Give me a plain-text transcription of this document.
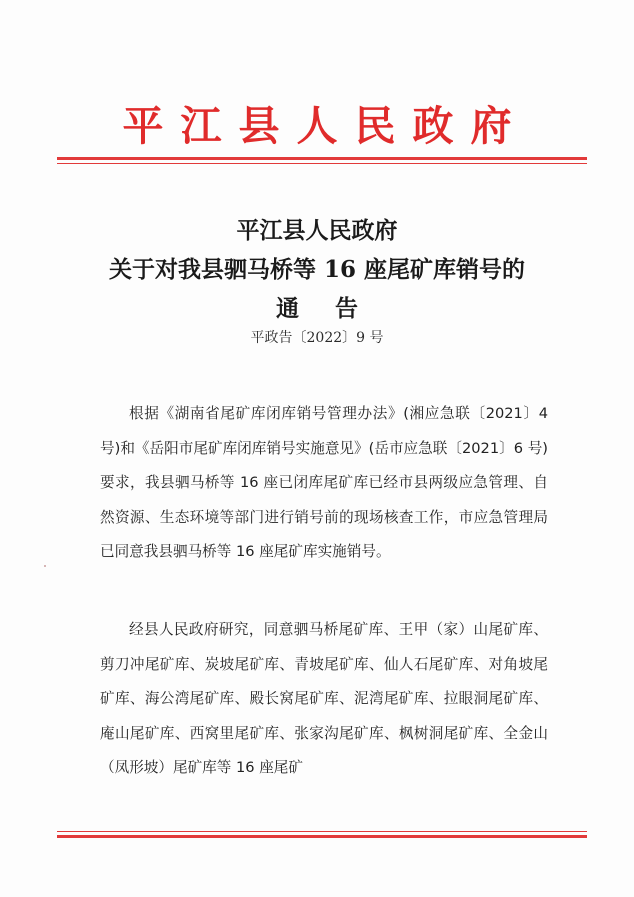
平江县人民政府
平江县人民政府
关于对我县驷马桥等 16 座尾矿库销号的
通告
平政告〔2022〕9 号
根据《湖南省尾矿库闭库销号管理办法》(湘应急联〔2021〕4 号)和《岳阳市尾矿库闭库销号实施意见》(岳市应急联〔2021〕6 号)要求，我县驷马桥等 16 座已闭库尾矿库已经市县两级应急管理、自然资源、生态环境等部门进行销号前的现场核查工作，市应急管理局已同意我县驷马桥等 16 座尾矿库实施销号。
经县人民政府研究，同意驷马桥尾矿库、王甲（家）山尾矿库、剪刀冲尾矿库、炭坡尾矿库、青坡尾矿库、仙人石尾矿库、对角坡尾矿库、海公湾尾矿库、殿长窝尾矿库、泥湾尾矿库、拉眼洞尾矿库、庵山尾矿库、西窝里尾矿库、张家沟尾矿库、枫树洞尾矿库、全金山（凤形坡）尾矿库等 16 座尾矿
